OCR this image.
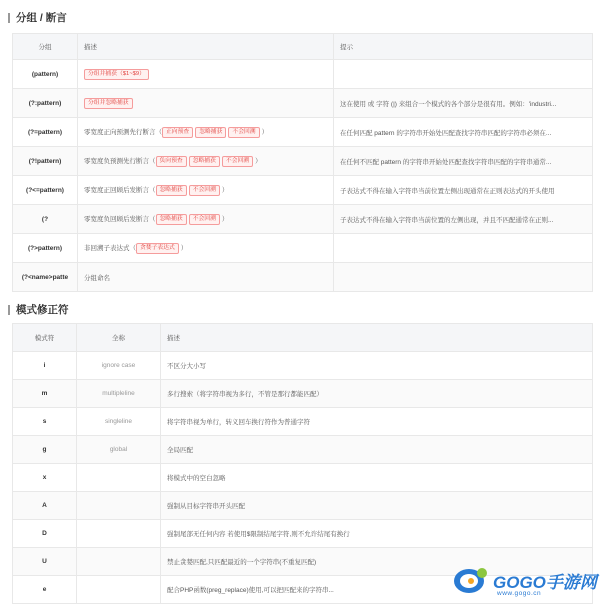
分组 / 断言
分组	描述	提示
(pattern)	分组并捕获（$1~$9）	
(?:pattern)	分组并忽略捕获	这在使用 或 字符 (|) 来组合一个模式的各个部分是很有用。例如：'industri...
(?=pattern)	零宽度正向预测先行断言（ 正向预查 忽略捕获 不会回溯 ）	在任何匹配 pattern 的字符串开始处匹配查找字符串匹配的字符串必须在...
(?!pattern)	零宽度负预测先行断言（ 负向预查 忽略捕获 不会回溯 ）	在任何不匹配 pattern 的字符串开始处匹配查找字符串匹配的字符串通常...
(?<=pattern)	零宽度正回顾后发断言（ 忽略捕获 不会回溯 ）	子表达式不得在输入字符串当前位置左侧出现通常在正则表达式的开头使用
(?	零宽度负回顾后发断言（ 忽略捕获 不会回溯 ）	子表达式不得在输入字符串当前位置的左侧出现，并且不匹配通常在正则...
(?>pattern)	非回溯子表达式（ 贪婪子表达式 ）	
(?<name>patte	分组命名	
模式修正符
模式符	全称	描述
i	ignore case	不区分大小写
m	multipleline	多行搜索（将字符串视为多行，不管是那行都能匹配）
s	singleline	将字符串视为单行，转义回车换行符作为普通字符
g	global	全局匹配
x		将模式中的空白忽略
A		强制从目标字符串开头匹配
D		强制尾部无任何内容 若使用$限制结尾字符,则不允许结尾有换行
U		禁止贪婪匹配,只匹配最近的一个字符串(不重复匹配)
e		配合PHP函数(preg_replace)使用,可以把匹配来的字符串...	GOGO手游网
www.gogo.cn
